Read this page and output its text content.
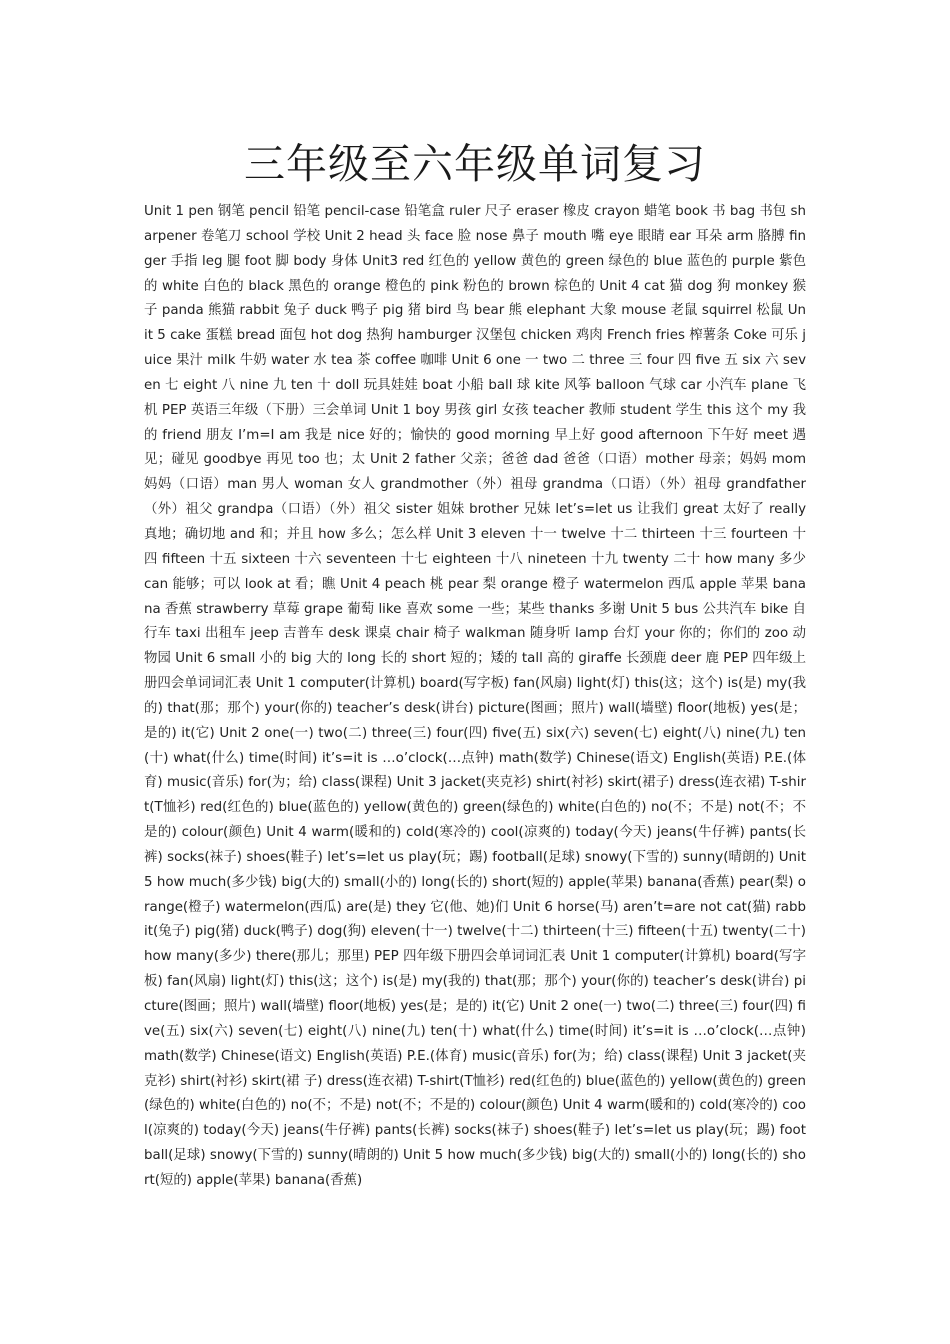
三年级至六年级单词复习

Unit 1 pen 钢笔 pencil 铅笔 pencil-case 铅笔盒 ruler 尺子 eraser 橡皮 crayon 蜡笔 book 书 bag 书包 sharpener 卷笔刀 school 学校 Unit 2 head 头 face 脸 nose 鼻子 mouth 嘴 eye 眼睛 ear 耳朵 arm 胳膊 finger 手指 leg 腿 foot 脚 body 身体 Unit3 red 红色的 yellow 黄色的 green 绿色的 blue 蓝色的 purple 紫色的 white 白色的 black 黑色的 orange 橙色的 pink 粉色的 brown 棕色的 Unit 4 cat 猫 dog 狗 monkey 猴子 panda 熊猫 rabbit 兔子 duck 鸭子 pig 猪 bird 鸟 bear 熊 elephant 大象 mouse 老鼠 squirrel 松鼠 Unit 5 cake 蛋糕 bread 面包 hot dog 热狗 hamburger 汉堡包 chicken 鸡肉 French fries 榨薯条 Coke 可乐 juice 果汁 milk 牛奶 water 水 tea 茶 coffee 咖啡 Unit 6 one 一 two 二 three 三 four 四 five 五 six 六 seven 七 eight 八 nine 九 ten 十 doll 玩具娃娃 boat 小船 ball 球 kite 风筝 balloon 气球 car 小汽车 plane 飞机 PEP 英语三年级（下册）三会单词 Unit 1 boy 男孩 girl 女孩 teacher 教师 student 学生 this 这个 my 我的 friend 朋友 I’m=I am 我是 nice 好的；愉快的 good morning 早上好 good afternoon 下午好 meet 遇见；碰见 goodbye 再见 too 也；太 Unit 2 father 父亲；爸爸 dad 爸爸（口语）mother 母亲；妈妈 mom 妈妈（口语）man 男人 woman 女人 grandmother（外）祖母 grandma（口语）（外）祖母 grandfather（外）祖父 grandpa（口语）（外）祖父 sister 姐妹 brother 兄妹 let’s=let us 让我们 great 太好了 really 真地；确切地 and 和；并且 how 多么；怎么样 Unit 3 eleven 十一 twelve 十二 thirteen 十三 fourteen 十四 fifteen 十五 sixteen 十六 seventeen 十七 eighteen 十八 nineteen 十九 twenty 二十 how many 多少 can 能够；可以 look at 看；瞧 Unit 4 peach 桃 pear 梨 orange 橙子 watermelon 西瓜 apple 苹果 banana 香蕉 strawberry 草莓 grape 葡萄 like 喜欢 some 一些；某些 thanks 多谢 Unit 5 bus 公共汽车 bike 自行车 taxi 出租车 jeep 吉普车 desk 课桌 chair 椅子 walkman 随身听 lamp 台灯 your 你的；你们的 zoo 动物园 Unit 6 small 小的 big 大的 long 长的 short 短的；矮的 tall 高的 giraffe 长颈鹿 deer 鹿 PEP 四年级上册四会单词词汇表 Unit 1 computer(计算机) board(写字板) fan(风扇) light(灯) this(这；这个) is(是) my(我的) that(那；那个) your(你的) teacher’s desk(讲台) picture(图画；照片) wall(墙壁) floor(地板) yes(是；是的) it(它) Unit 2 one(一) two(二) three(三) four(四) five(五) six(六) seven(七) eight(八) nine(九) ten(十) what(什么) time(时间) it’s=it is …o’clock(…点钟) math(数学) Chinese(语文) English(英语) P.E.(体育) music(音乐) for(为；给) class(课程) Unit 3 jacket(夹克衫) shirt(衬衫) skirt(裙子) dress(连衣裙) T-shirt(T恤衫) red(红色的) blue(蓝色的) yellow(黄色的) green(绿色的) white(白色的) no(不；不是) not(不；不是的) colour(颜色) Unit 4 warm(暖和的) cold(寒冷的) cool(凉爽的) today(今天) jeans(牛仔裤) pants(长裤) socks(袜子) shoes(鞋子) let’s=let us play(玩；踢) football(足球) snowy(下雪的) sunny(晴朗的) Unit 5 how much(多少钱) big(大的) small(小的) long(长的) short(短的) apple(苹果) banana(香蕉) pear(梨) orange(橙子) watermelon(西瓜) are(是) they 它(他、她)们 Unit 6 horse(马) aren’t=are not cat(猫) rabbit(兔子) pig(猪) duck(鸭子) dog(狗) eleven(十一) twelve(十二) thirteen(十三) fifteen(十五) twenty(二十) how many(多少) there(那儿；那里) PEP 四年级下册四会单词词汇表 Unit 1 computer(计算机) board(写字板) fan(风扇) light(灯) this(这；这个) is(是) my(我的) that(那；那个) your(你的) teacher’s desk(讲台) picture(图画；照片) wall(墙壁) floor(地板) yes(是；是的) it(它) Unit 2 one(一) two(二) three(三) four(四) five(五) six(六) seven(七) eight(八) nine(九) ten(十) what(什么) time(时间) it’s=it is …o’clock(…点钟) math(数学) Chinese(语文) English(英语) P.E.(体育) music(音乐) for(为；给) class(课程) Unit 3 jacket(夹克衫) shirt(衬衫) skirt(裙 子) dress(连衣裙) T-shirt(T恤衫) red(红色的) blue(蓝色的) yellow(黄色的) green(绿色的) white(白色的) no(不；不是) not(不；不是的) colour(颜色) Unit 4 warm(暖和的) cold(寒冷的) cool(凉爽的) today(今天) jeans(牛仔裤) pants(长裤) socks(袜子) shoes(鞋子) let’s=let us play(玩；踢) football(足球) snowy(下雪的) sunny(晴朗的) Unit 5 how much(多少钱) big(大的) small(小的) long(长的) short(短的) apple(苹果) banana(香蕉)
